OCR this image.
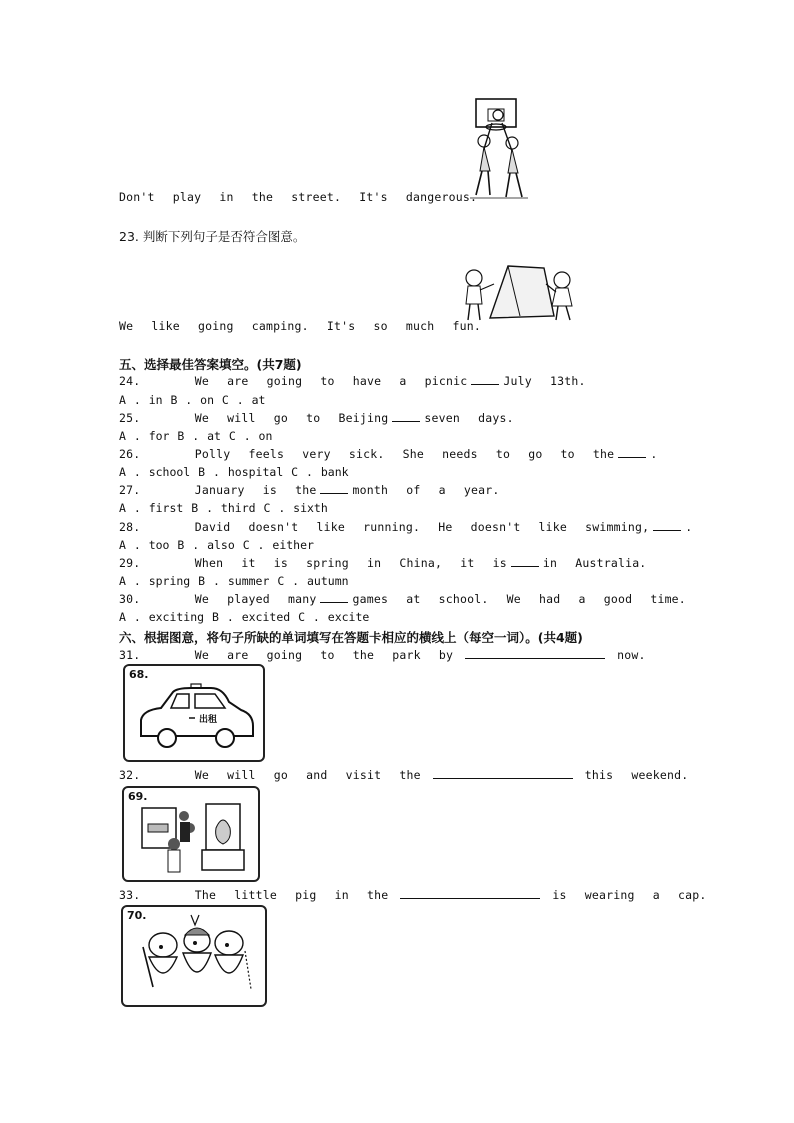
Don't play in the street. It's dangerous.
23. 判断下列句子是否符合图意。
We like going camping. It's so much fun.
五、选择最佳答案填空。(共7题)
24.   We are going to have a picnic	July 13th.
A . in B . on C . at
25.   We will go to Beijing	seven days.
A . for B . at C . on
26.   Polly feels very sick. She needs to go to the	.
A . school B . hospital C . bank
27.   January is the	month of a year.
A . first B . third C . sixth
28.   David doesn't like running. He doesn't like swimming,	.
A . too B . also C . either
29.   When it is spring in China, it is	in Australia.
A . spring B . summer C . autumn
30.   We played many	games at school. We had a good time.
A . exciting B . excited C . excite
六、根据图意，将句子所缺的单词填写在答题卡相应的横线上（每空一词）。(共4题)
31.   We are going to the park by	now.
68.
出租
32.   We will go and visit the	this weekend.
69.
33.   The little pig in the	is wearing a cap.
70.
